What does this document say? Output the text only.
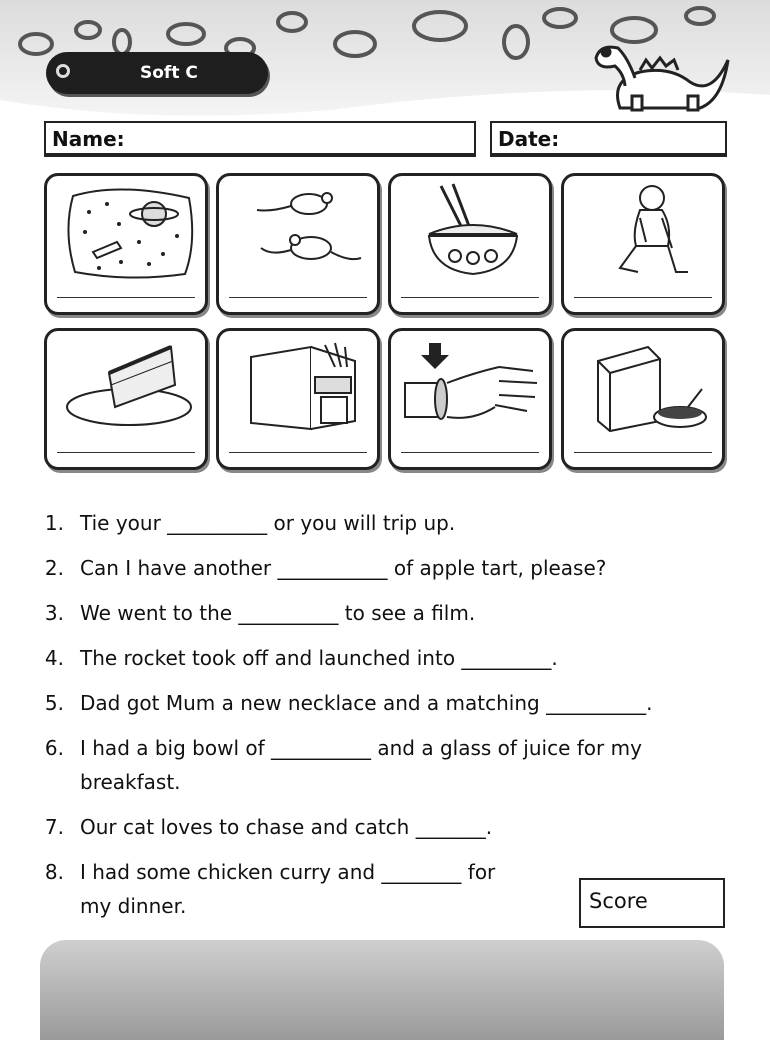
Soft C
Name:	Date:
1. Tie your __________ or you will trip up.
2. Can I have another ___________ of apple tart, please?
3. We went to the __________ to see a film.
4. The rocket took off and launched into _________.
5. Dad got Mum a new necklace and a matching __________.
6. I had a big bowl of __________ and a glass of juice for my
breakfast.
7. Our cat loves to chase and catch _______.
8. I had some chicken curry and ________ for
my dinner.	Score
